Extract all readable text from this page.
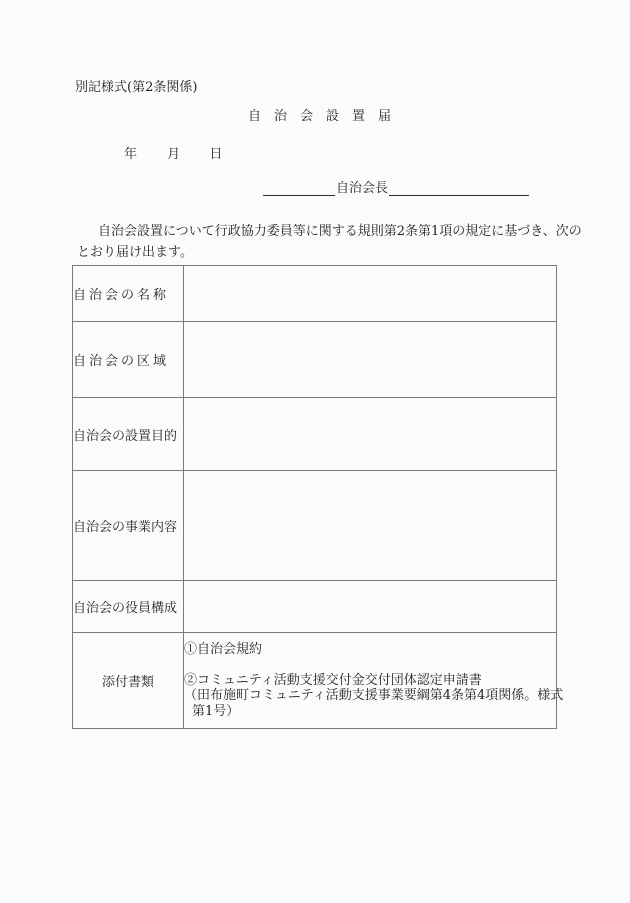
別記様式(第2条関係)
自治会設置届
年 月 日
自治会長
自治会設置について行政協力委員等に関する規則第2条第1項の規定に基づき、次の
とおり届け出ます。
自治会の名称	
自治会の区域	
自治会の設置目的	
自治会の事業内容	
自治会の役員構成	
添付書類	①自治会規約
②コミュニティ活動支援交付金交付団体認定申請書
（田布施町コミュニティ活動支援事業要綱第4条第4項関係。様式
第1号）
